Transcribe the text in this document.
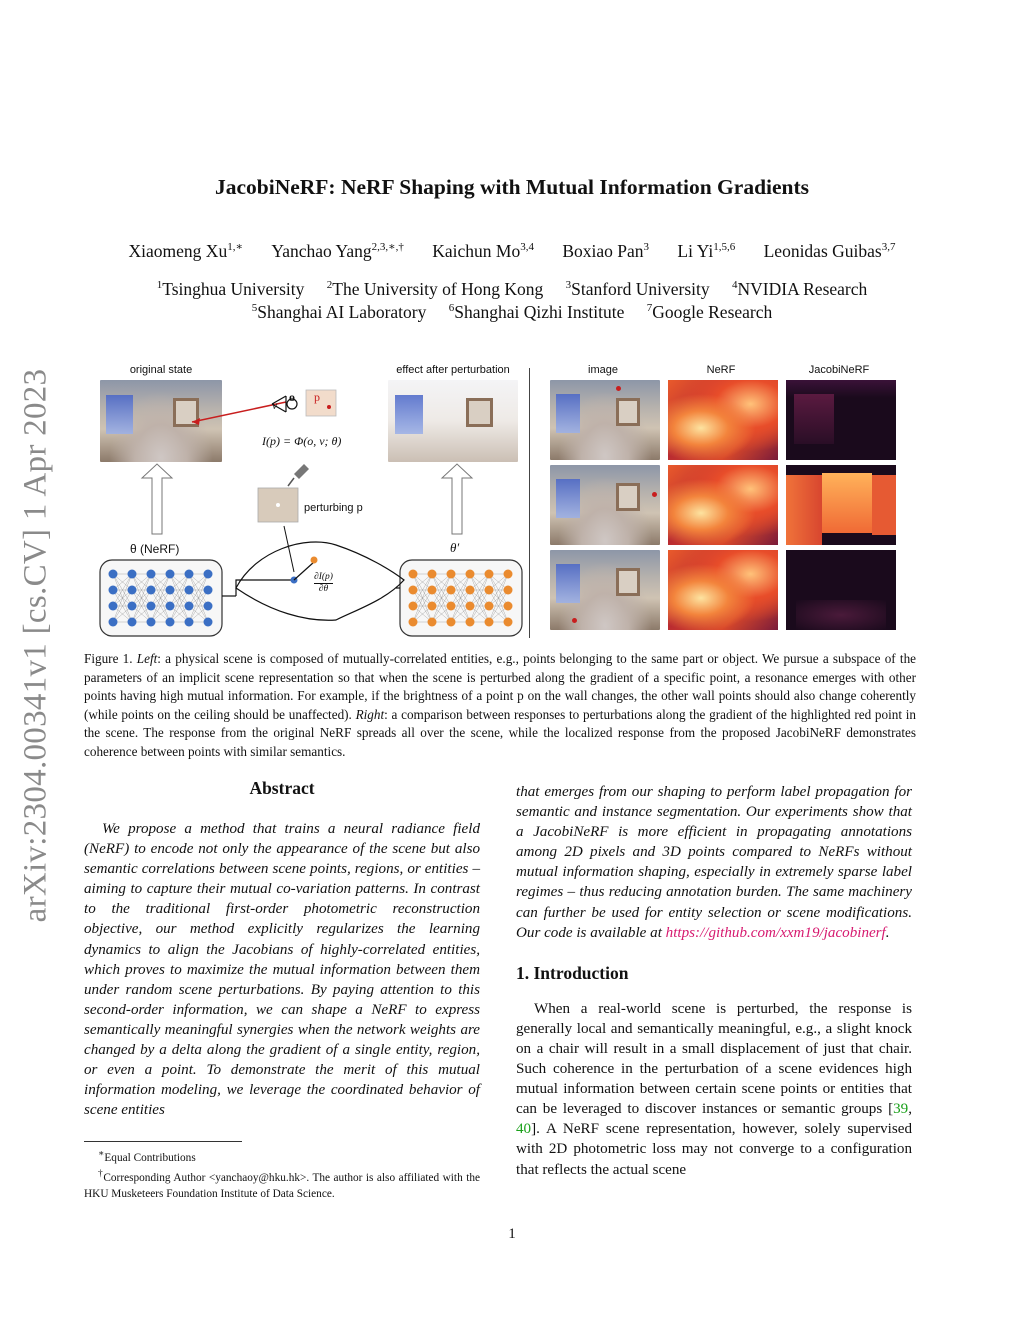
arXiv:2304.00341v1 [cs.CV] 1 Apr 2023
JacobiNeRF: NeRF Shaping with Mutual Information Gradients
Xiaomeng $Xu^{1,∗}$ Yanchao Yang$^{2,3,∗,\dagger}$ Kaichun Mo$^{3,4}$ Boxiao Pan$^3$ Li Yi$^{1,5,6}$ Leonidas Guibas$^{3,7}$
$^1$Tsinghua University $^2$The University of Hong Kong $^3$Stanford University $^4$NVIDIA Research
$^5$Shanghai AI Laboratory $^6$Shanghai Qizhi Institute $^7$Google Research
original state	effect after perturbation	image	NeRF	JacobiNeRF
v
o p
I(p) = Φ(o, v; θ)
perturbing p
θ (NeRF)	θ′
$\frac{\partial I(p)}{\partial\theta}$
Figure 1. Left: a physical scene is composed of mutually-correlated entities, e.g., points belonging to the same part or object. We pursue a subspace of the parameters of an implicit scene representation so that when the scene is perturbed along the gradient of a specific point, a resonance emerges with other points having high mutual information. For example, if the brightness of a point p on the wall changes, the other wall points should also change coherently (while points on the ceiling should be unaffected). Right: a comparison between responses to perturbations along the gradient of the highlighted red point in the scene. The response from the original NeRF spreads all over the scene, while the localized response from the proposed JacobiNeRF demonstrates coherence between points with similar semantics.
Abstract

We propose a method that trains a neural radiance field (NeRF) to encode not only the appearance of the scene but also semantic correlations between scene points, regions, or entities – aiming to capture their mutual co-variation patterns. In contrast to the traditional first-order photometric reconstruction objective, our method explicitly regularizes the learning dynamics to align the Jacobians of highly-correlated entities, which proves to maximize the mutual information between them under random scene perturbations. By paying attention to this second-order information, we can shape a NeRF to express semantically meaningful synergies when the network weights are changed by a delta along the gradient of a single entity, region, or even a point. To demonstrate the merit of this mutual information modeling, we leverage the coordinated behavior of scene entities

that emerges from our shaping to perform label propagation for semantic and instance segmentation. Our experiments show that a JacobiNeRF is more efficient in propagating annotations among 2D pixels and 3D points compared to NeRFs without mutual information shaping, especially in extremely sparse label regimes – thus reducing annotation burden. The same machinery can further be used for entity selection or scene modifications. Our code is available at https://github.com/xxm19/jacobinerf.

1. Introduction

When a real-world scene is perturbed, the response is generally local and semantically meaningful, e.g., a slight knock on a chair will result in a small displacement of just that chair. Such coherence in the perturbation of a scene evidences high mutual information between certain scene points or entities that can be leveraged to discover instances or semantic groups [39, 40]. A NeRF scene representation, however, solely supervised with 2D photometric loss may not converge to a configuration that reflects the actual scene

∗Equal Contributions

†Corresponding Author <yanchaoy@hku.hk>. The author is also affiliated with the HKU Musketeers Foundation Institute of Data Science.

1
